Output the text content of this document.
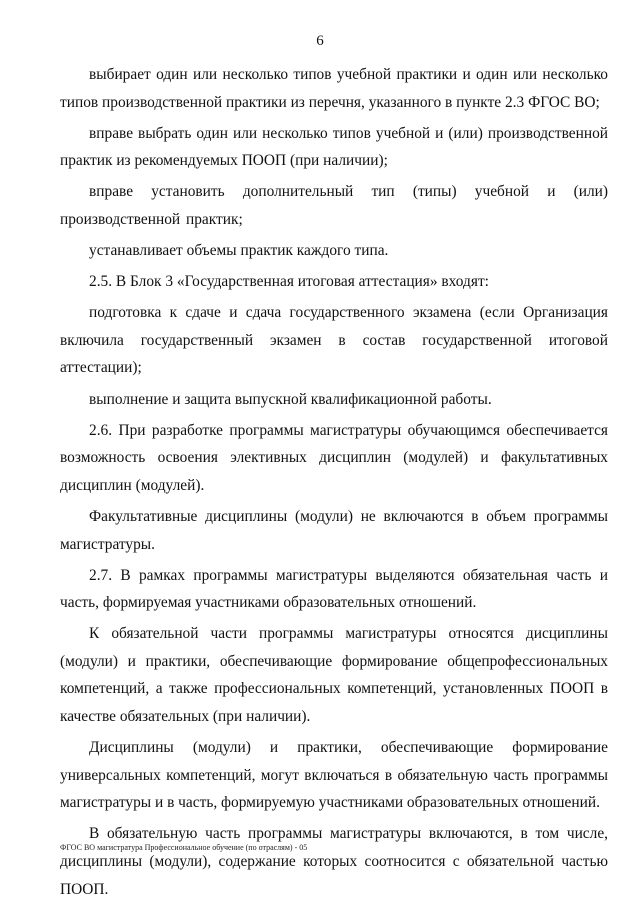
6

выбирает один или несколько типов учебной практики и один или несколько типов производственной практики из перечня, указанного в пункте 2.3 ФГОС ВО;

вправе выбрать один или несколько типов учебной и (или) производственной практик из рекомендуемых ПООП (при наличии);

вправе установить дополнительный тип (типы) учебной и (или) производственной практик;

устанавливает объемы практик каждого типа.

2.5. В Блок 3 «Государственная итоговая аттестация» входят:

подготовка к сдаче и сдача государственного экзамена (если Организация включила государственный экзамен в состав государственной итоговой аттестации);

выполнение и защита выпускной квалификационной работы.

2.6. При разработке программы магистратуры обучающимся обеспечивается возможность освоения элективных дисциплин (модулей) и факультативных дисциплин (модулей).

Факультативные дисциплины (модули) не включаются в объем программы магистратуры.

2.7. В рамках программы магистратуры выделяются обязательная часть и часть, формируемая участниками образовательных отношений.

К обязательной части программы магистратуры относятся дисциплины (модули) и практики, обеспечивающие формирование общепрофессиональных компетенций, а также профессиональных компетенций, установленных ПООП в качестве обязательных (при наличии).

Дисциплины (модули) и практики, обеспечивающие формирование универсальных компетенций, могут включаться в обязательную часть программы магистратуры и в часть, формируемую участниками образовательных отношений.

В обязательную часть программы магистратуры включаются, в том числе, дисциплины (модули), содержание которых соотносится с обязательной частью ПООП.

ФГОС ВО магистратура Профессиональное обучение (по отраслям) - 05
